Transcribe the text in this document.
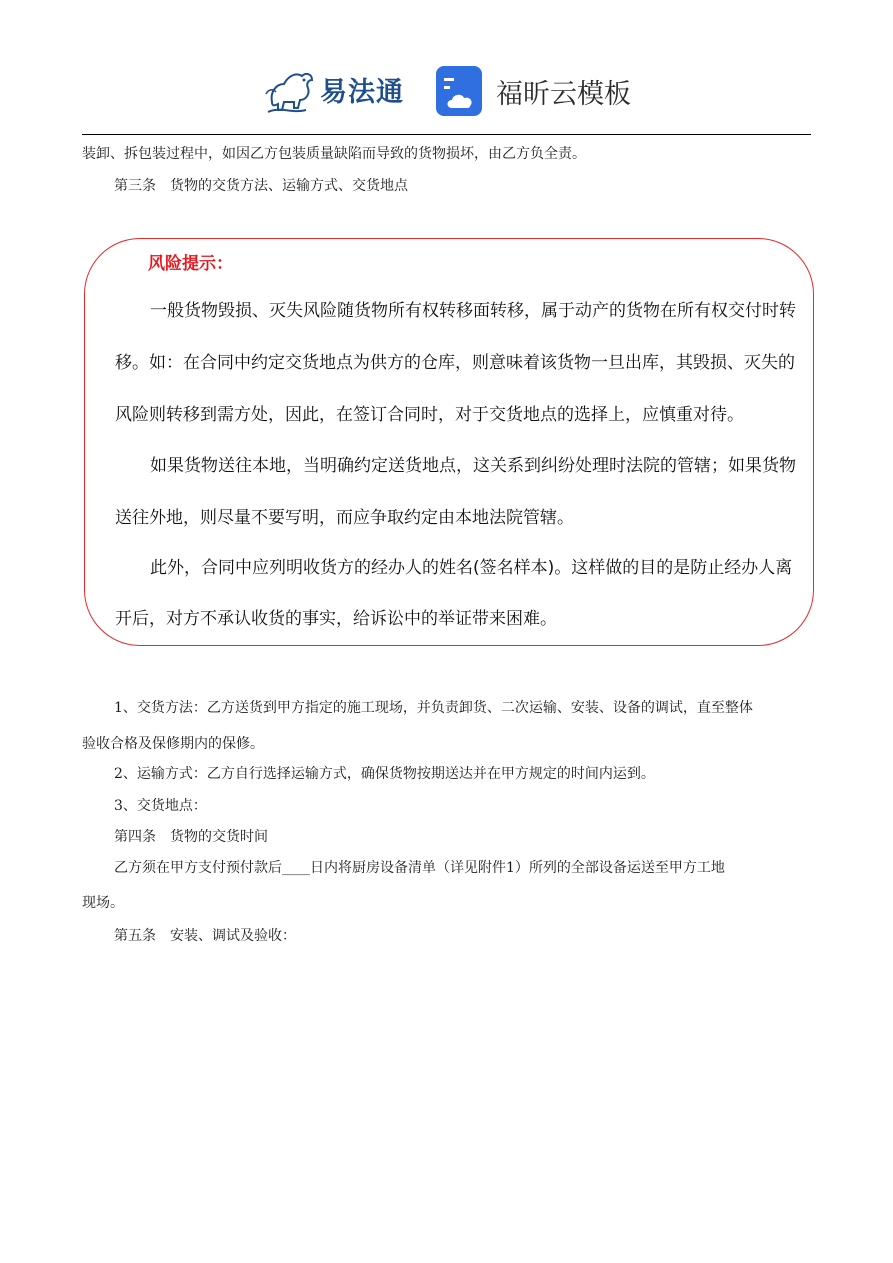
易法通	福昕云模板
装卸、拆包装过程中，如因乙方包装质量缺陷而导致的货物损坏，由乙方负全责。
第三条　货物的交货方法、运输方式、交货地点
风险提示：
一般货物毁损、灭失风险随货物所有权转移面转移，属于动产的货物在所有权交付时转
移。如：在合同中约定交货地点为供方的仓库，则意味着该货物一旦出库，其毁损、灭失的
风险则转移到需方处，因此，在签订合同时，对于交货地点的选择上，应慎重对待。
如果货物送往本地，当明确约定送货地点，这关系到纠纷处理时法院的管辖；如果货物
送往外地，则尽量不要写明，而应争取约定由本地法院管辖。
此外，合同中应列明收货方的经办人的姓名(签名样本)。这样做的目的是防止经办人离
开后，对方不承认收货的事实，给诉讼中的举证带来困难。
1、交货方法：乙方送货到甲方指定的施工现场，并负责卸货、二次运输、安装、设备的调试，直至整体
验收合格及保修期内的保修。
2、运输方式：乙方自行选择运输方式，确保货物按期送达并在甲方规定的时间内运到。
3、交货地点：
第四条　货物的交货时间
乙方须在甲方支付预付款后____日内将厨房设备清单（详见附件1）所列的全部设备运送至甲方工地
现场。
第五条　安装、调试及验收：
